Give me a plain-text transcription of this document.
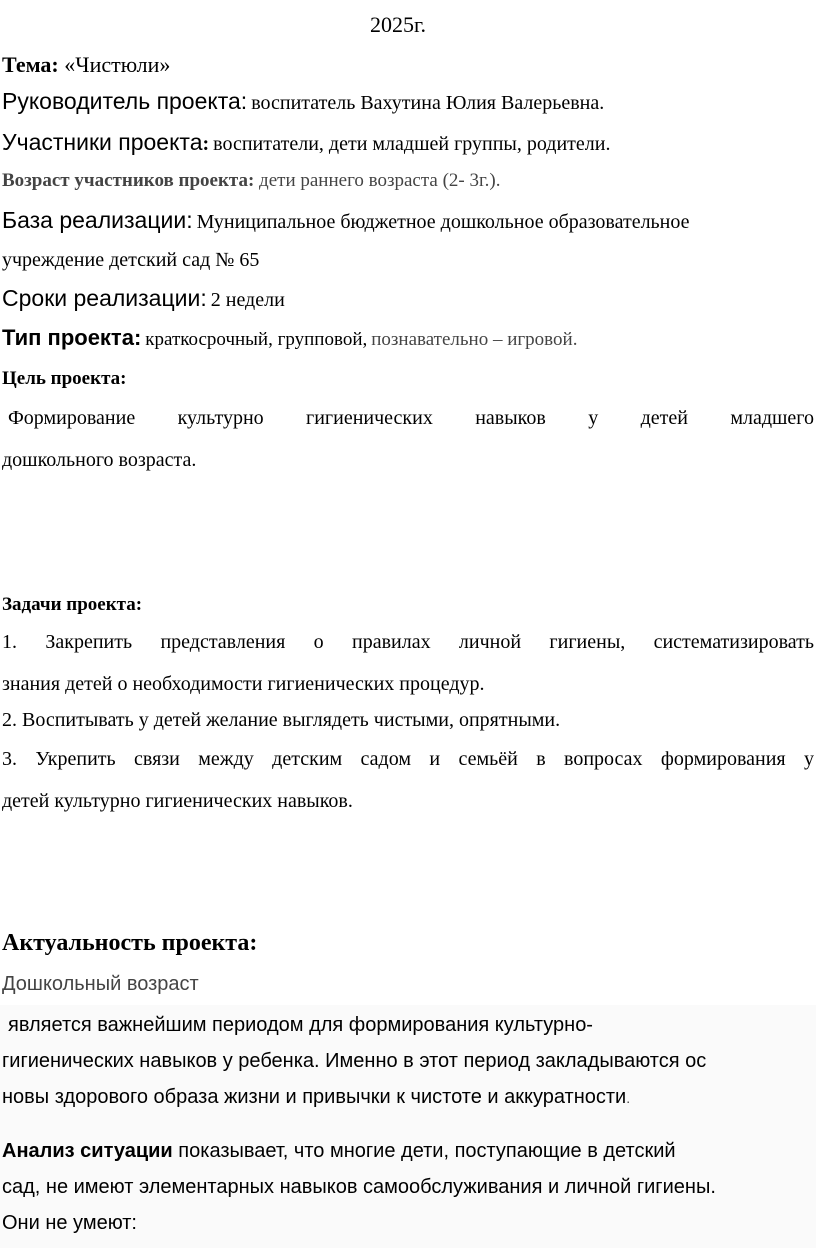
2025г.
Тема: «Чистюли»
Руководитель проекта: воспитатель Вахутина Юлия Валерьевна.
Участники проекта: воспитатели, дети младшей группы, родители.
Возраст участников проекта: дети раннего возраста (2- 3г.).
База реализации: Муниципальное бюджетное дошкольное образовательное
учреждение детский сад № 65
Сроки реализации: 2 недели
Тип проекта: краткосрочный, групповой, познавательно – игровой.
Цель проекта:
Формирование культурно гигиенических навыков у детей младшего
дошкольного возраста.
Задачи проекта:
1. Закрепить представления о правилах личной гигиены, систематизировать
знания детей о необходимости гигиенических процедур.
2. Воспитывать у детей желание выглядеть чистыми, опрятными.
3. Укрепить связи между детским садом и семьёй в вопросах формирования у
детей культурно гигиенических навыков.
Актуальность проекта:
Дошкольный возраст
является важнейшим периодом для формирования культурно-
гигиенических навыков у ребенка. Именно в этот период закладываются ос
новы здорового образа жизни и привычки к чистоте и аккуратности.
Анализ ситуации показывает, что многие дети, поступающие в детский
сад, не имеют элементарных навыков самообслуживания и личной гигиены.
Они не умеют:
